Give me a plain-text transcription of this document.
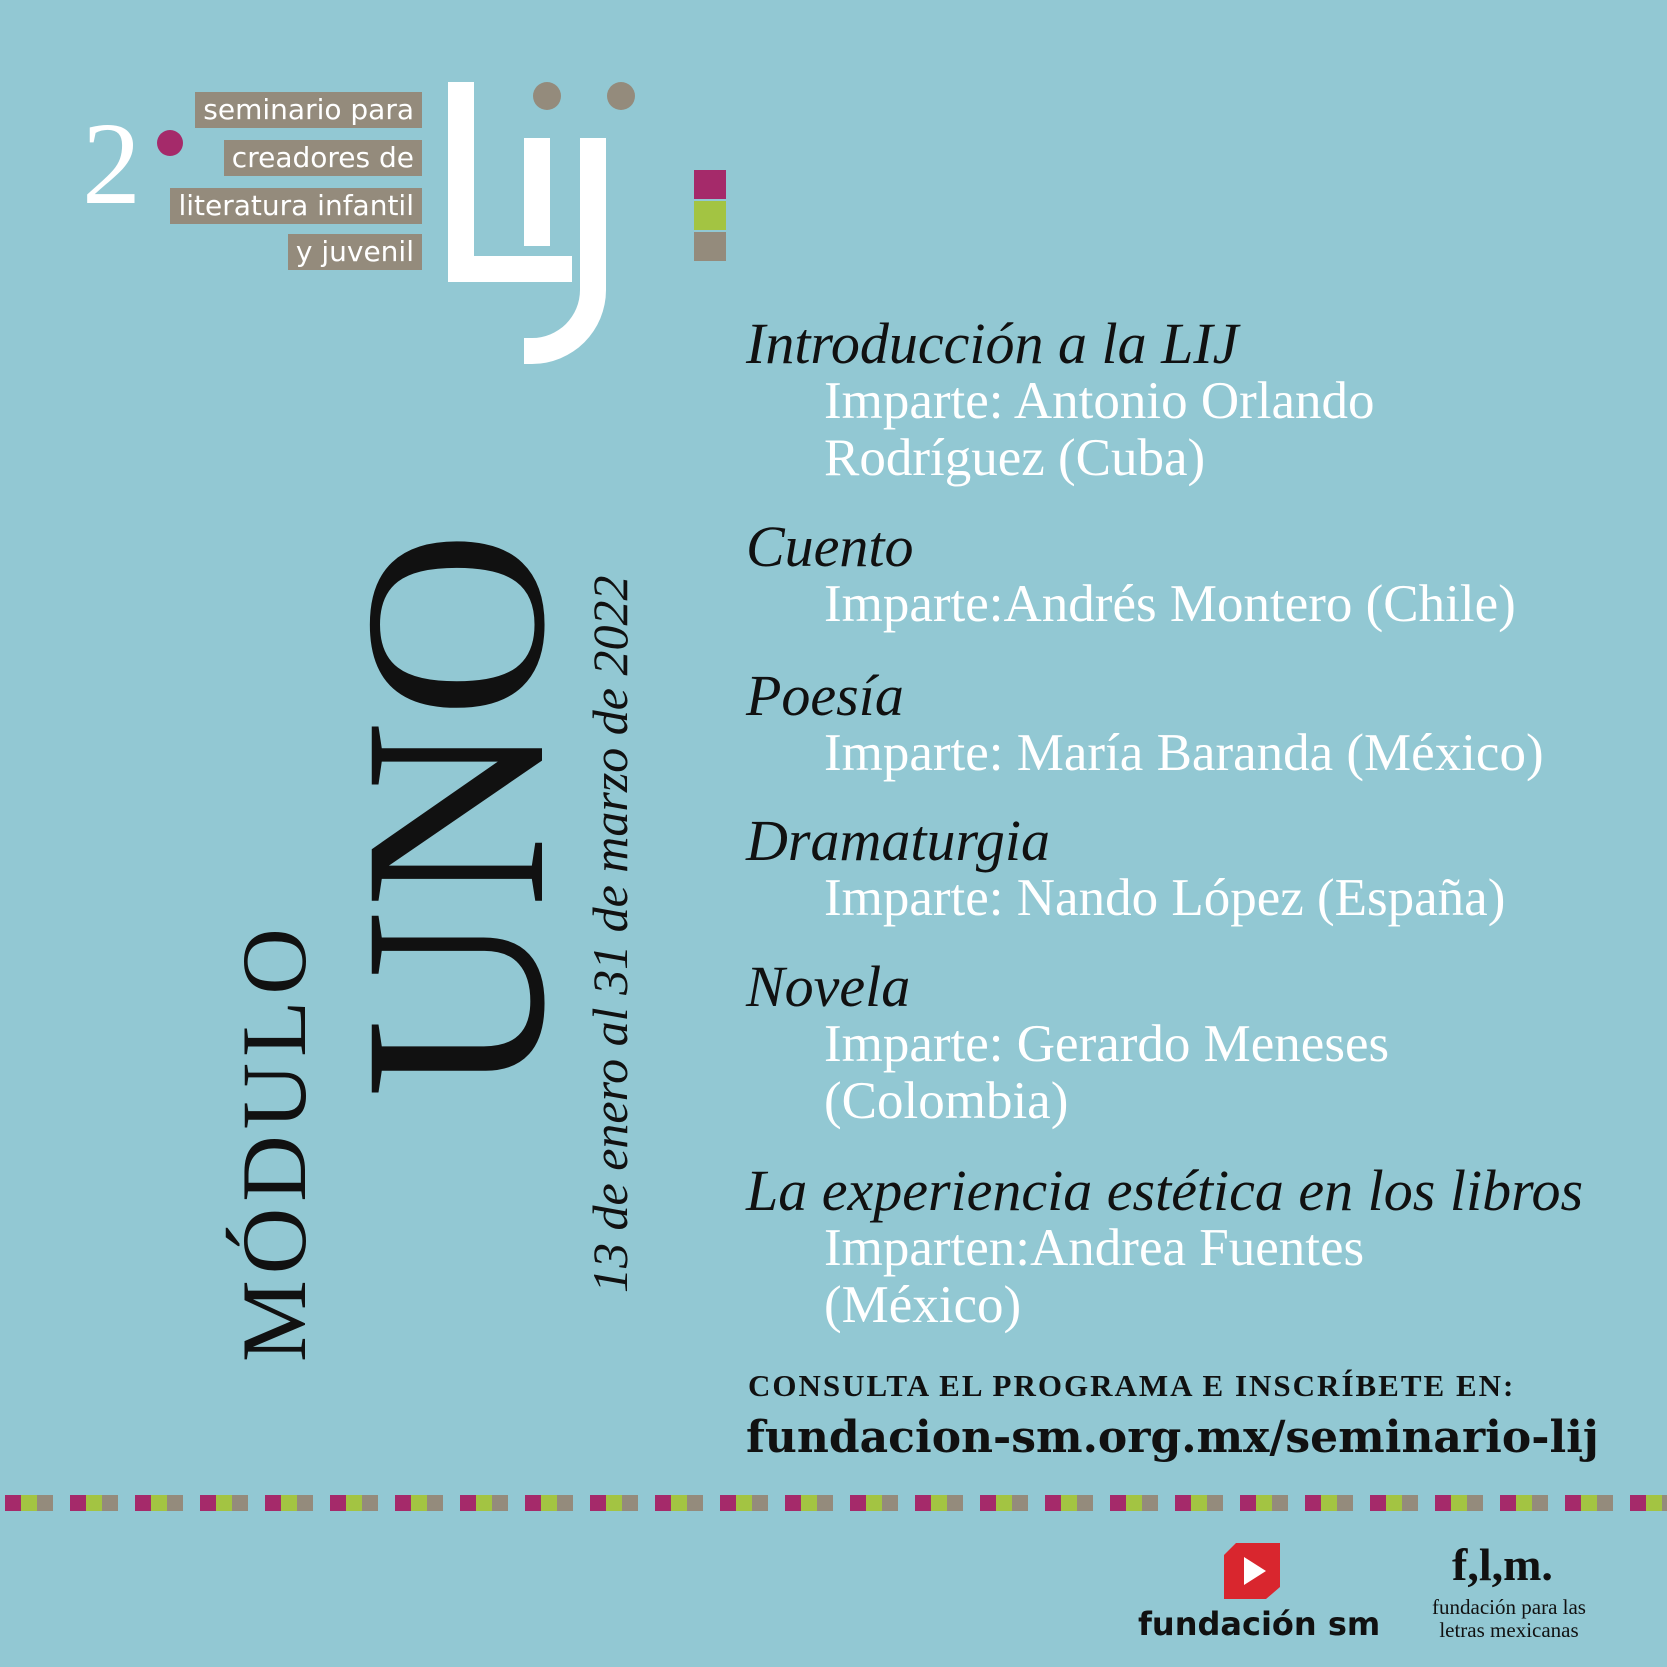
2 seminario para
creadores de
literatura infantil
y juvenil
MÓDULO
UNO
13 de enero al 31 de marzo de 2022
Introducción a la LIJ
Imparte: Antonio Orlando
Rodríguez (Cuba)
Cuento
Imparte:Andrés Montero (Chile)
Poesía
Imparte: María Baranda (México)
Dramaturgia
Imparte: Nando López (España)
Novela
Imparte: Gerardo Meneses
(Colombia)
La experiencia estética en los libros
Imparten:Andrea Fuentes
(México)
CONSULTA EL PROGRAMA E INSCRÍBETE EN:
fundacion-sm.org.mx/seminario-lij
fundación sm
f,l,m.
fundación para las
letras mexicanas
